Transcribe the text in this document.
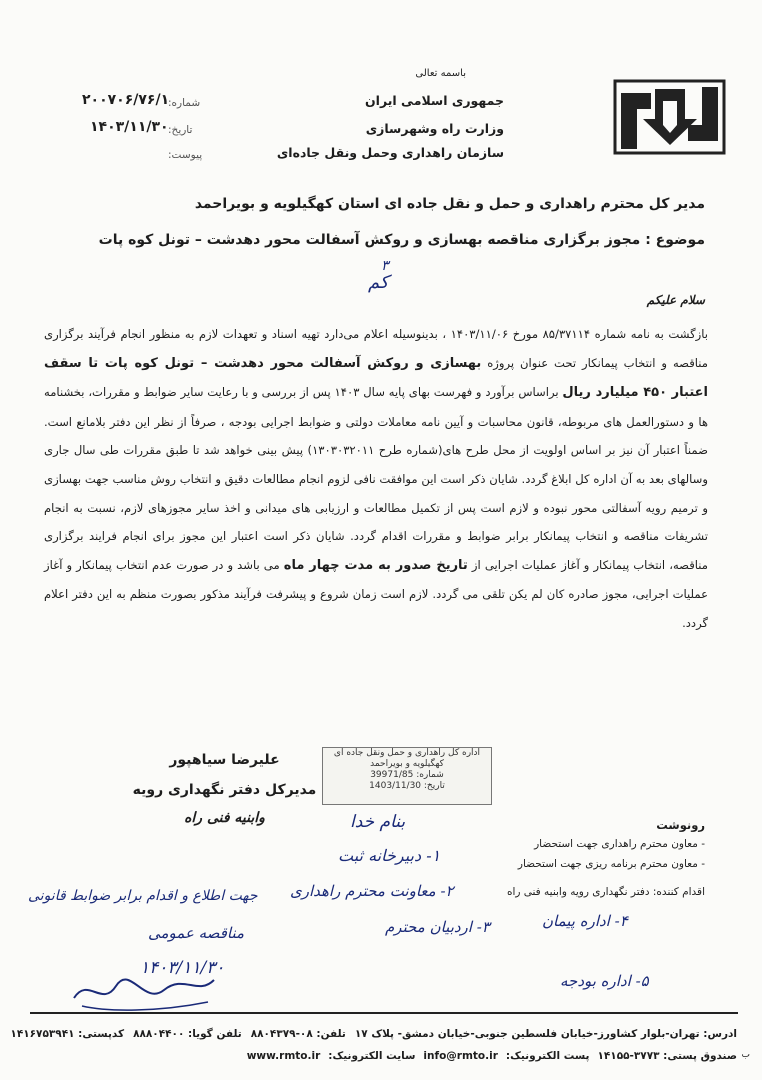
باسمه تعالی
جمهوری اسلامی ایران
وزارت راه وشهرسازی
سازمان راهداری وحمل ونقل جاده‌ای
شماره:
۲۰۰۷۰۶/۷۶/۱
تاریخ:
۱۴۰۳/۱۱/۳۰
پیوست:
مدیر کل محترم راهداری و حمل و نقل جاده ای استان کهگیلویه و بویراحمد
موضوع : مجوز برگزاری مناقصه بهسازی و روکش آسفالت محور دهدشت – تونل کوه پات
۳
کم
سلام علیکم
بازگشت به نامه شماره ۸۵/۳۷۱۱۴ مورخ ۱۴۰۳/۱۱/۰۶ ، بدینوسیله اعلام می‌دارد تهیه اسناد و تعهدات لازم به منظور انجام فرآیند برگزاری مناقصه و انتخاب پیمانکار تحت عنوان پروژه بهسازی و روکش آسفالت محور دهدشت – تونل کوه پات تا سقف اعتبار ۴۵۰ میلیارد ریال براساس برآورد و فهرست بهای پایه سال ۱۴۰۳ پس از بررسی و با رعایت سایر ضوابط و مقررات، بخشنامه ها و دستورالعمل های مربوطه، قانون محاسبات و آیین نامه معاملات دولتی و ضوابط اجرایی بودجه ، صرفاً از نظر این دفتر بلامانع است. ضمناً اعتبار آن نیز بر اساس اولویت از محل طرح های(شماره طرح ۱۳۰۳۰۳۲۰۱۱) پیش بینی خواهد شد تا طبق مقررات طی سال جاری وسالهای بعد به آن اداره کل ابلاغ گردد. شایان ذکر است این موافقت نافی لزوم انجام مطالعات دقیق و انتخاب روش مناسب جهت بهسازی و ترمیم رویه آسفالتی محور نبوده و لازم است پس از تکمیل مطالعات و ارزیابی های میدانی و اخذ سایر مجوزهای لازم، نسبت به انجام تشریفات مناقصه و انتخاب پیمانکار برابر ضوابط و مقررات اقدام گردد. شایان ذکر است اعتبار این مجوز برای انجام فرایند برگزاری مناقصه، انتخاب پیمانکار و آغاز عملیات اجرایی از تاریخ صدور به مدت چهار ماه می باشد و در صورت عدم انتخاب پیمانکار و آغاز عملیات اجرایی، مجوز صادره کان لم یکن تلقی می گردد. لازم است زمان شروع و پیشرفت فرآیند مذکور بصورت منظم به این دفتر اعلام گردد.
علیرضا سیاهپور
مدیرکل دفتر نگهداری رویه
وابنیه فنی راه
اداره کل راهداری و حمل ونقل جاده ای
کهگیلویه و بویراحمد
شماره: 39971/85
تاریخ: 1403/11/30
بنام خدا
۱- دبیرخانه ثبت
۲- معاونت محترم راهداری
۳- اردبیان محترم	۴- اداره پیمان
۵- اداره بودجه
جهت اطلاع و اقدام برابر ضوابط قانونی
مناقصه عمومی
۱۴۰۳/۱۱/۳۰
رونوشت
- معاون محترم راهداری جهت استحضار
- معاون محترم برنامه ریزی جهت استحضار
اقدام کننده: دفتر نگهداری رویه وابنیه فنی راه
ادرس: تهران-بلوار کشاورز-خیابان فلسطین جنوبی-خیابان دمشق- پلاک ۱۷
تلفن: ۰۸-۸۸۰۴۳۷۹
تلفن گویا: ۸۸۸۰۴۴۰۰
کدپستی: ۱۴۱۶۷۵۳۹۴۱
صندوق پستی: ۳۷۷۳-۱۴۱۵۵
پست الکترونیک:
info@rmto.ir
سایت الکترونیک:
www.rmto.ir	ب
